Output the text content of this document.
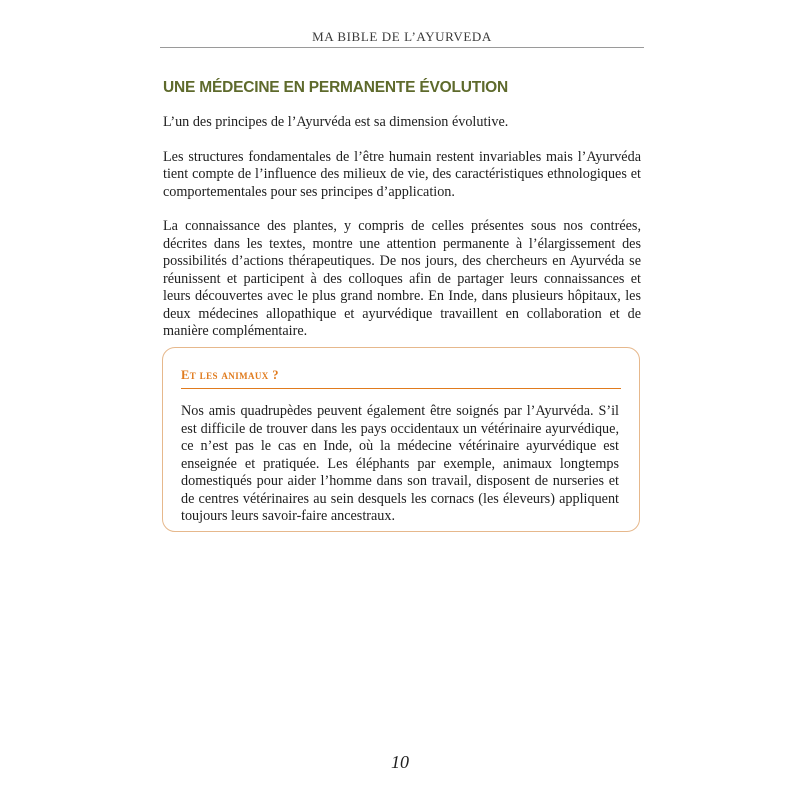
MA BIBLE DE L’AYURVEDA
UNE MÉDECINE EN PERMANENTE ÉVOLUTION

L’un des principes de l’Ayurvéda est sa dimension évolutive.

Les structures fondamentales de l’être humain restent invariables mais l’Ayurvéda tient compte de l’influence des milieux de vie, des caractéristiques ethnologiques et comportementales pour ses principes d’application.

La connaissance des plantes, y compris de celles présentes sous nos contrées, décrites dans les textes, montre une attention permanente à l’élargissement des possibilités d’actions thérapeutiques. De nos jours, des chercheurs en Ayurvéda se réunissent et participent à des colloques afin de partager leurs connaissances et leurs découvertes avec le plus grand nombre. En Inde, dans plusieurs hôpitaux, les deux médecines allopathique et ayurvédique travaillent en collaboration et de manière complémentaire.

Et les animaux ?

Nos amis quadrupèdes peuvent également être soignés par l’Ayurvéda. S’il est difficile de trouver dans les pays occidentaux un vétérinaire ayurvédique, ce n’est pas le cas en Inde, où la médecine vétérinaire ayurvédique est enseignée et pratiquée. Les éléphants par exemple, animaux longtemps domestiqués pour aider l’homme dans son travail, disposent de nurseries et de centres vétérinaires au sein desquels les cornacs (les éleveurs) appliquent toujours leurs savoir-faire ancestraux.

10
